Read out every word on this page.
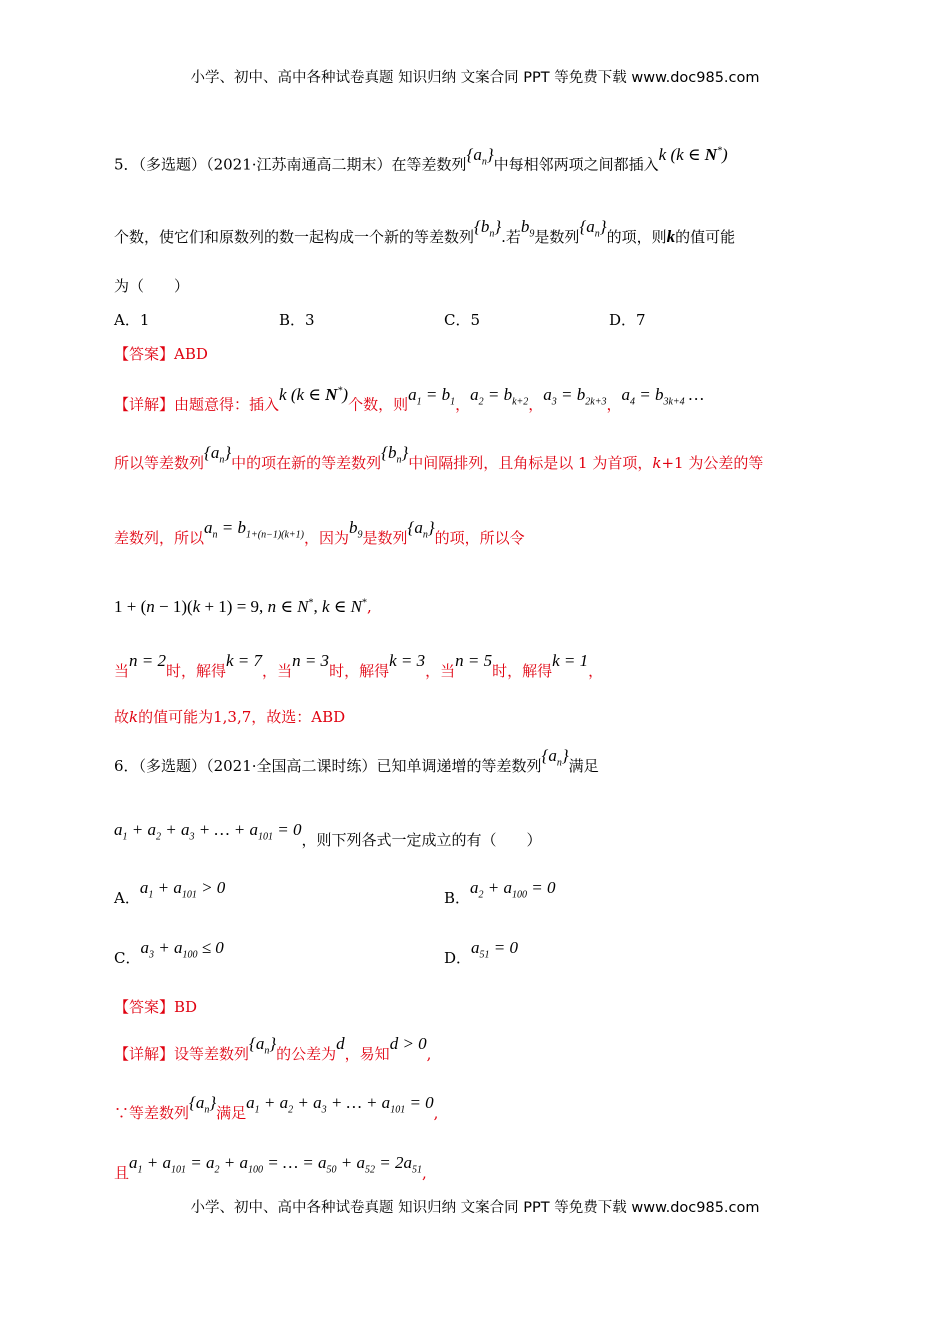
小学、初中、高中各种试卷真题 知识归纳 文案合同 PPT 等免费下载 www.doc985.com
5．（多选题）（2021·江苏南通高二期末）在等差数列$\{a_n\}$中每相邻两项之间都插入k (k ∈ N*)
个数，使它们和原数列的数一起构成一个新的等差数列$\{b_n\}$.若$b_9$是数列$\{a_n\}$的项，则k的值可能
为（　　）
A．1	B．3	C．5	D．7
【答案】ABD
【详解】由题意得：插入k (k ∈ N*)个数，则$a_1 = b_1$，$a_2 = b_{k+2}$，$a_3 = b_{2k+3}$，$a_4 = b_{3k+4}$ …
所以等差数列$\{a_n\}$中的项在新的等差数列$\{b_n\}$中间隔排列，且角标是以 1 为首项，k+1 为公差的等
差数列，所以$a_n = b_{1+(n-1)(k+1)}$，因为$b_9$是数列$\{a_n\}$的项，所以令
1 + (n − 1)(k + 1) = 9, n ∈ N*, k ∈ N*,
当n = 2时，解得k = 7，当n = 3时，解得k = 3，当n = 5时，解得k = 1，
故k的值可能为1,3,7，故选：ABD
6．（多选题）（2021·全国高二课时练）已知单调递增的等差数列$\{a_n\}$满足
$a_1 + a_2 + a_3$ + … + $a_{101} = 0$，则下列各式一定成立的有（　　）
A．$a_1 + a_{101} > 0$
B．$a_2 + a_{100} = 0$
C．$a_3 + a_{100} \le 0$
D．$a_{51} = 0$
【答案】BD
【详解】设等差数列$\{a_n\}$的公差为d，易知d > 0,
∵等差数列$\{a_n\}$满足$a_1 + a_2 + a_3$ + … + $a_{101} = 0$,
且$a_1 + a_{101} = a_2 + a_{100}$ = … = $a_{50} + a_{52} = 2a_{51}$,
小学、初中、高中各种试卷真题 知识归纳 文案合同 PPT 等免费下载 www.doc985.com
